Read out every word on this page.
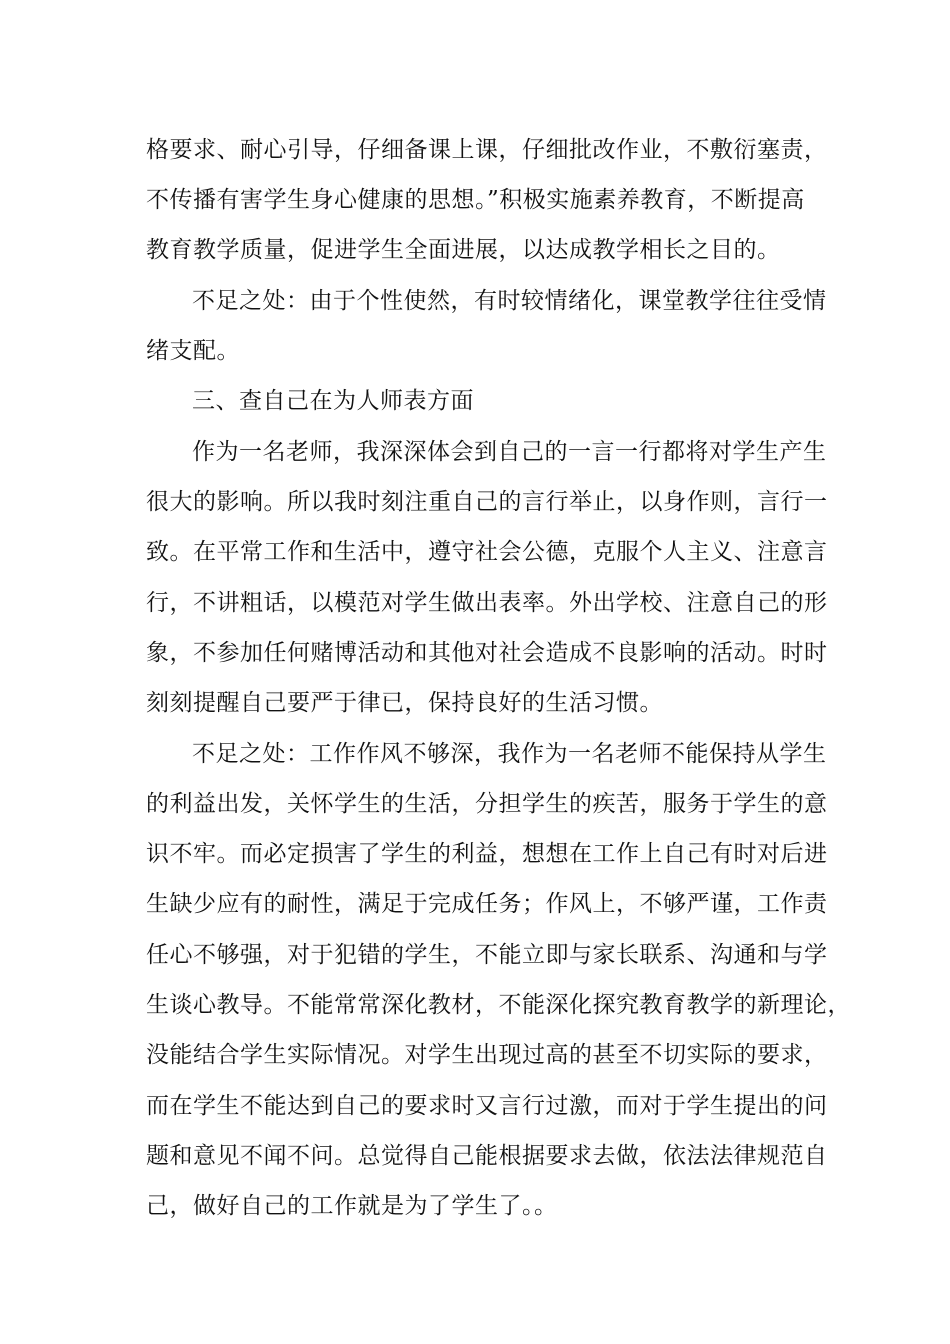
格要求、耐心引导，仔细备课上课，仔细批改作业，不敷衍塞责，
不传播有害学生身心健康的思想。”积极实施素养教育，不断提高
教育教学质量，促进学生全面进展，以达成教学相长之目的。
不足之处：由于个性使然，有时较情绪化，课堂教学往往受情
绪支配。
三、查自己在为人师表方面
作为一名老师，我深深体会到自己的一言一行都将对学生产生
很大的影响。所以我时刻注重自己的言行举止，以身作则，言行一
致。在平常工作和生活中，遵守社会公德，克服个人主义、注意言
行，不讲粗话，以模范对学生做出表率。外出学校、注意自己的形
象，不参加任何赌博活动和其他对社会造成不良影响的活动。时时
刻刻提醒自己要严于律已，保持良好的生活习惯。
不足之处：工作作风不够深，我作为一名老师不能保持从学生
的利益出发，关怀学生的生活，分担学生的疾苦，服务于学生的意
识不牢。而必定损害了学生的利益，想想在工作上自己有时对后进
生缺少应有的耐性，满足于完成任务；作风上，不够严谨，工作责
任心不够强，对于犯错的学生，不能立即与家长联系、沟通和与学
生谈心教导。不能常常深化教材，不能深化探究教育教学的新理论，
没能结合学生实际情况。对学生出现过高的甚至不切实际的要求，
而在学生不能达到自己的要求时又言行过激，而对于学生提出的问
题和意见不闻不问。总觉得自己能根据要求去做，依法法律规范自
己，做好自己的工作就是为了学生了。。
